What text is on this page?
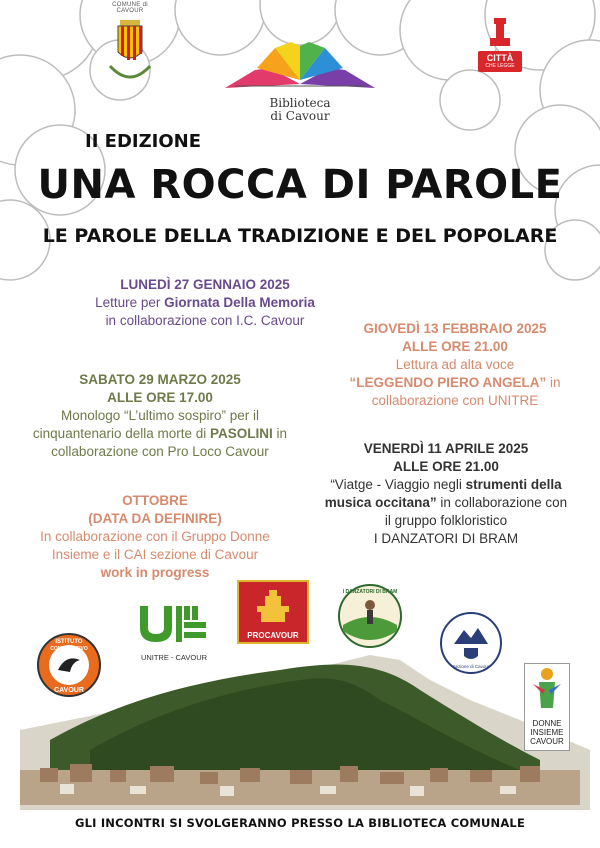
COMUNE di CAVOUR
Biblioteca
di Cavour
CITTÀ
CHE LEGGE
II EDIZIONE
UNA ROCCA DI PAROLE
LE PAROLE DELLA TRADIZIONE E DEL POPOLARE
LUNEDÌ 27 GENNAIO 2025
Letture per Giornata Della Memoria
in collaborazione con I.C. Cavour
GIOVEDÌ 13 FEBBRAIO 2025
ALLE ORE 21.00
Lettura ad alta voce
“LEGGENDO PIERO ANGELA” in
collaborazione con UNITRE
SABATO 29 MARZO 2025
ALLE ORE 17.00
Monologo “L’ultimo sospiro” per il
cinquantenario della morte di PASOLINI in
collaborazione con Pro Loco Cavour	VENERDÌ 11 APRILE 2025
ALLE ORE 21.00
“Viatge - Viaggio negli strumenti della
musica occitana” in collaborazione con
il gruppo folkloristico
I DANZATORI DI BRAM
OTTOBRE
(DATA DA DEFINIRE)
In collaborazione con il Gruppo Donne
Insieme e il CAI sezione di Cavour
work in progress
UNITRE - CAVOUR
PROCAVOUR
I DANZATORI DI BRAM
Sezione di Cavour
ISTITUTO
COMPRENSIVO
CAVOUR
DONNE
INSIEME
CAVOUR
GLI INCONTRI SI SVOLGERANNO PRESSO LA BIBLIOTECA COMUNALE
